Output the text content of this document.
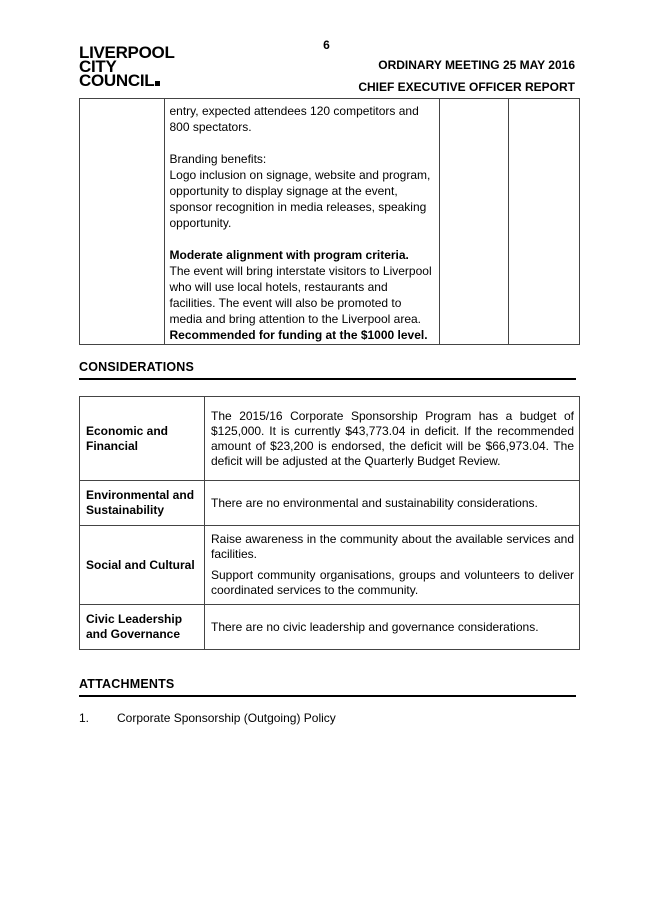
6
LIVERPOOL
CITY
COUNCIL
ORDINARY MEETING 25 MAY 2016
CHIEF EXECUTIVE OFFICER REPORT

entry, expected attendees 120 competitors and 800 spectators.

Branding benefits:

Logo inclusion on signage, website and program, opportunity to display signage at the event, sponsor recognition in media releases, speaking opportunity.

Moderate alignment with program criteria.

The event will bring interstate visitors to Liverpool who will use local hotels, restaurants and facilities. The event will also be promoted to media and bring attention to the Liverpool area.

Recommended for funding at the $1000 level.

CONSIDERATIONS
Economic and Financial	The 2015/16 Corporate Sponsorship Program has a budget of $125,000. It is currently $43,773.04 in deficit. If the recommended amount of $23,200 is endorsed, the deficit will be $66,973.04. The deficit will be adjusted at the Quarterly Budget Review.

Environmental and Sustainability	There are no environmental and sustainability considerations.

Social and Cultural	Raise awareness in the community about the available services and facilities.

Support community organisations, groups and volunteers to deliver coordinated services to the community.

Civic Leadership and Governance	There are no civic leadership and governance considerations.

ATTACHMENTS
1. Corporate Sponsorship (Outgoing) Policy
